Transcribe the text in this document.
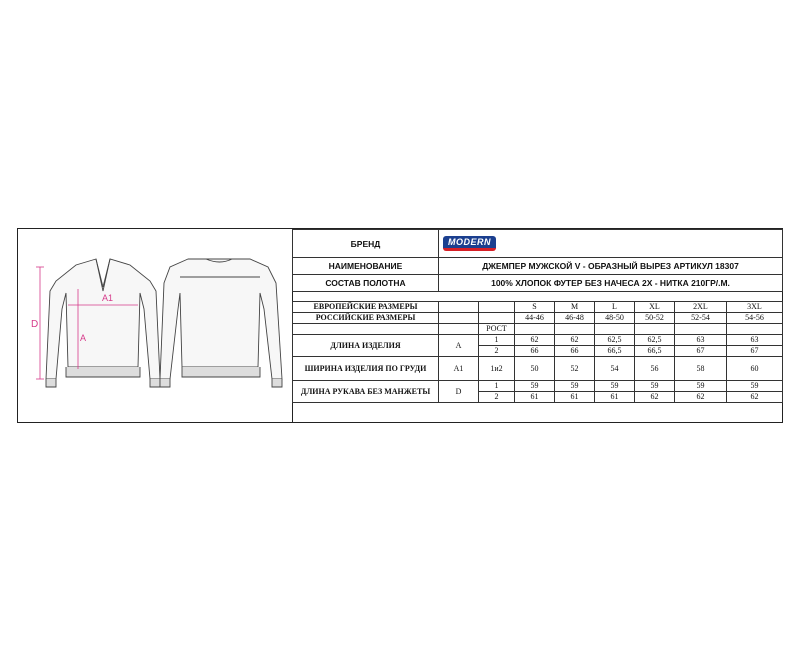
D
A1
A
БРЕНД	MODERN							
НАИМЕНОВАНИЕ	ДЖЕМПЕР МУЖСКОЙ V - ОБРАЗНЫЙ ВЫРЕЗ АРТИКУЛ 18307							
СОСТАВ ПОЛОТНА	100% ХЛОПОК ФУТЕР БЕЗ НАЧЕСА 2Х - НИТКА 210ГР/.М.							

ЕВРОПЕЙСКИЕ РАЗМЕРЫ			S	M	L	XL	2XL	3XL
РОССИЙСКИЕ РАЗМЕРЫ			44-46	46-48	48-50	50-52	52-54	54-56
		РОСТ						
ДЛИНА ИЗДЕЛИЯ	A	1	62	62	62,5	62,5	63	63
		2	66	66	66,5	66,5	67	67
ШИРИНА ИЗДЕЛИЯ ПО ГРУДИ	A1	1и2	50	52	54	56	58	60
ДЛИНА РУКАВА БЕЗ МАНЖЕТЫ	D	1	59	59	59	59	59	59
		2	61	61	61	62	62	62
